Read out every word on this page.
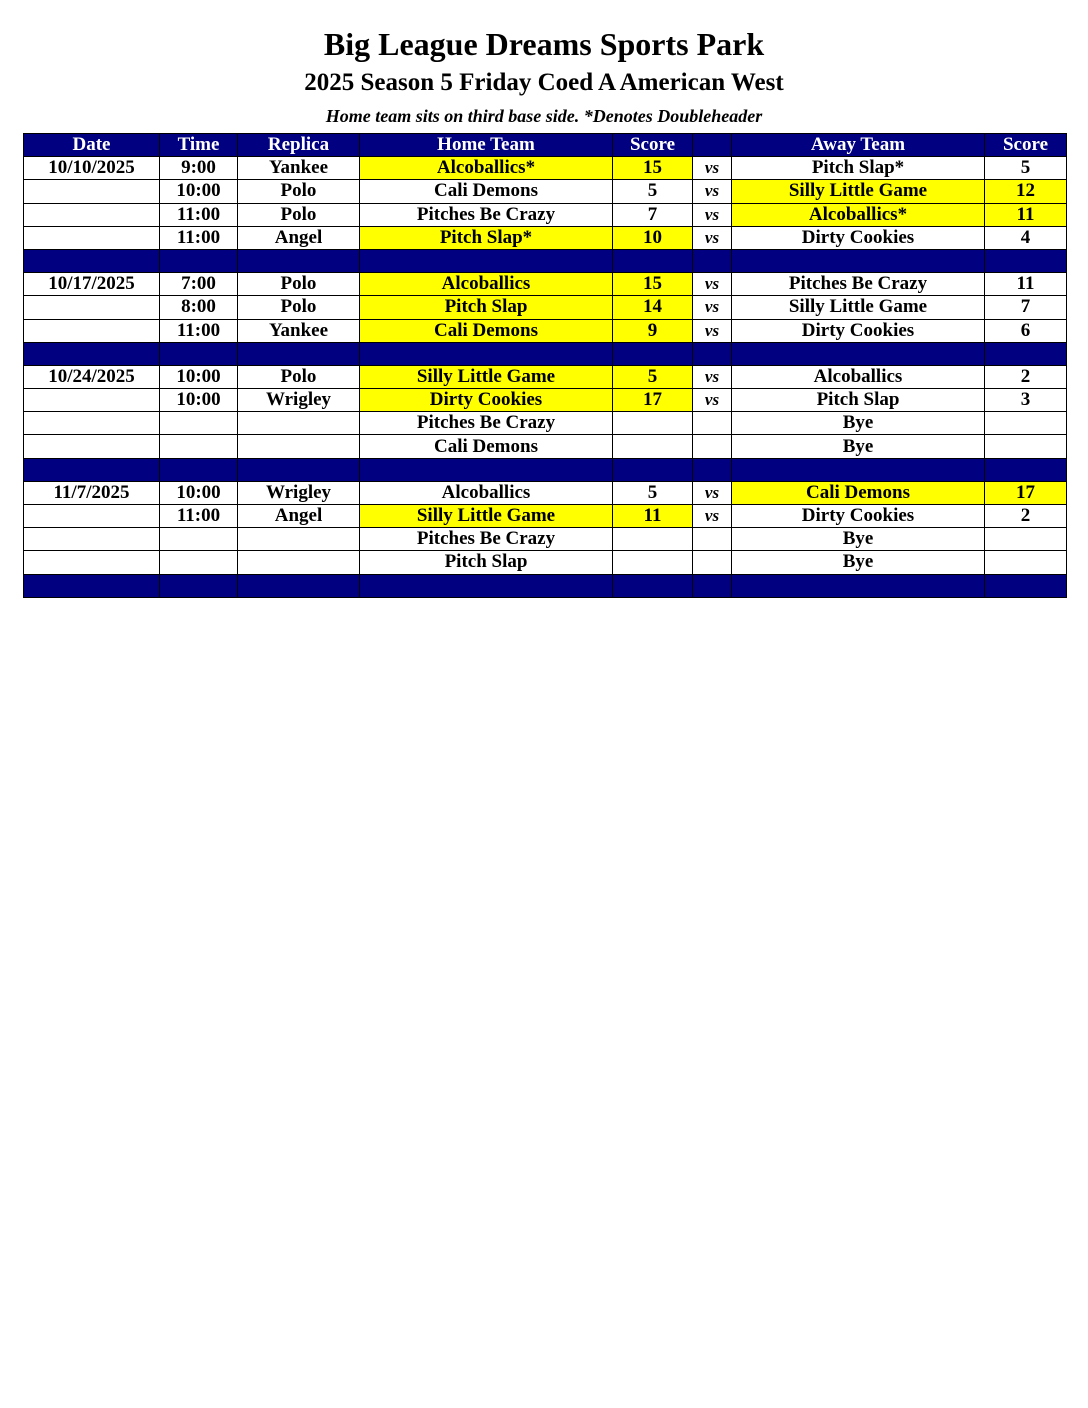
Big League Dreams Sports Park
2025 Season 5 Friday Coed A American West
Home team sits on third base side. *Denotes Doubleheader
Date	Time	Replica	Home Team	Score		Away Team	Score
10/10/2025	9:00	Yankee	Alcoballics*	15	vs	Pitch Slap*	5
	10:00	Polo	Cali Demons	5	vs	Silly Little Game	12
	11:00	Polo	Pitches Be Crazy	7	vs	Alcoballics*	11
	11:00	Angel	Pitch Slap*	10	vs	Dirty Cookies	4

10/17/2025	7:00	Polo	Alcoballics	15	vs	Pitches Be Crazy	11
	8:00	Polo	Pitch Slap	14	vs	Silly Little Game	7
	11:00	Yankee	Cali Demons	9	vs	Dirty Cookies	6

10/24/2025	10:00	Polo	Silly Little Game	5	vs	Alcoballics	2
	10:00	Wrigley	Dirty Cookies	17	vs	Pitch Slap	3
			Pitches Be Crazy			Bye	
			Cali Demons			Bye	

11/7/2025	10:00	Wrigley	Alcoballics	5	vs	Cali Demons	17
	11:00	Angel	Silly Little Game	11	vs	Dirty Cookies	2
			Pitches Be Crazy			Bye	
			Pitch Slap			Bye	
